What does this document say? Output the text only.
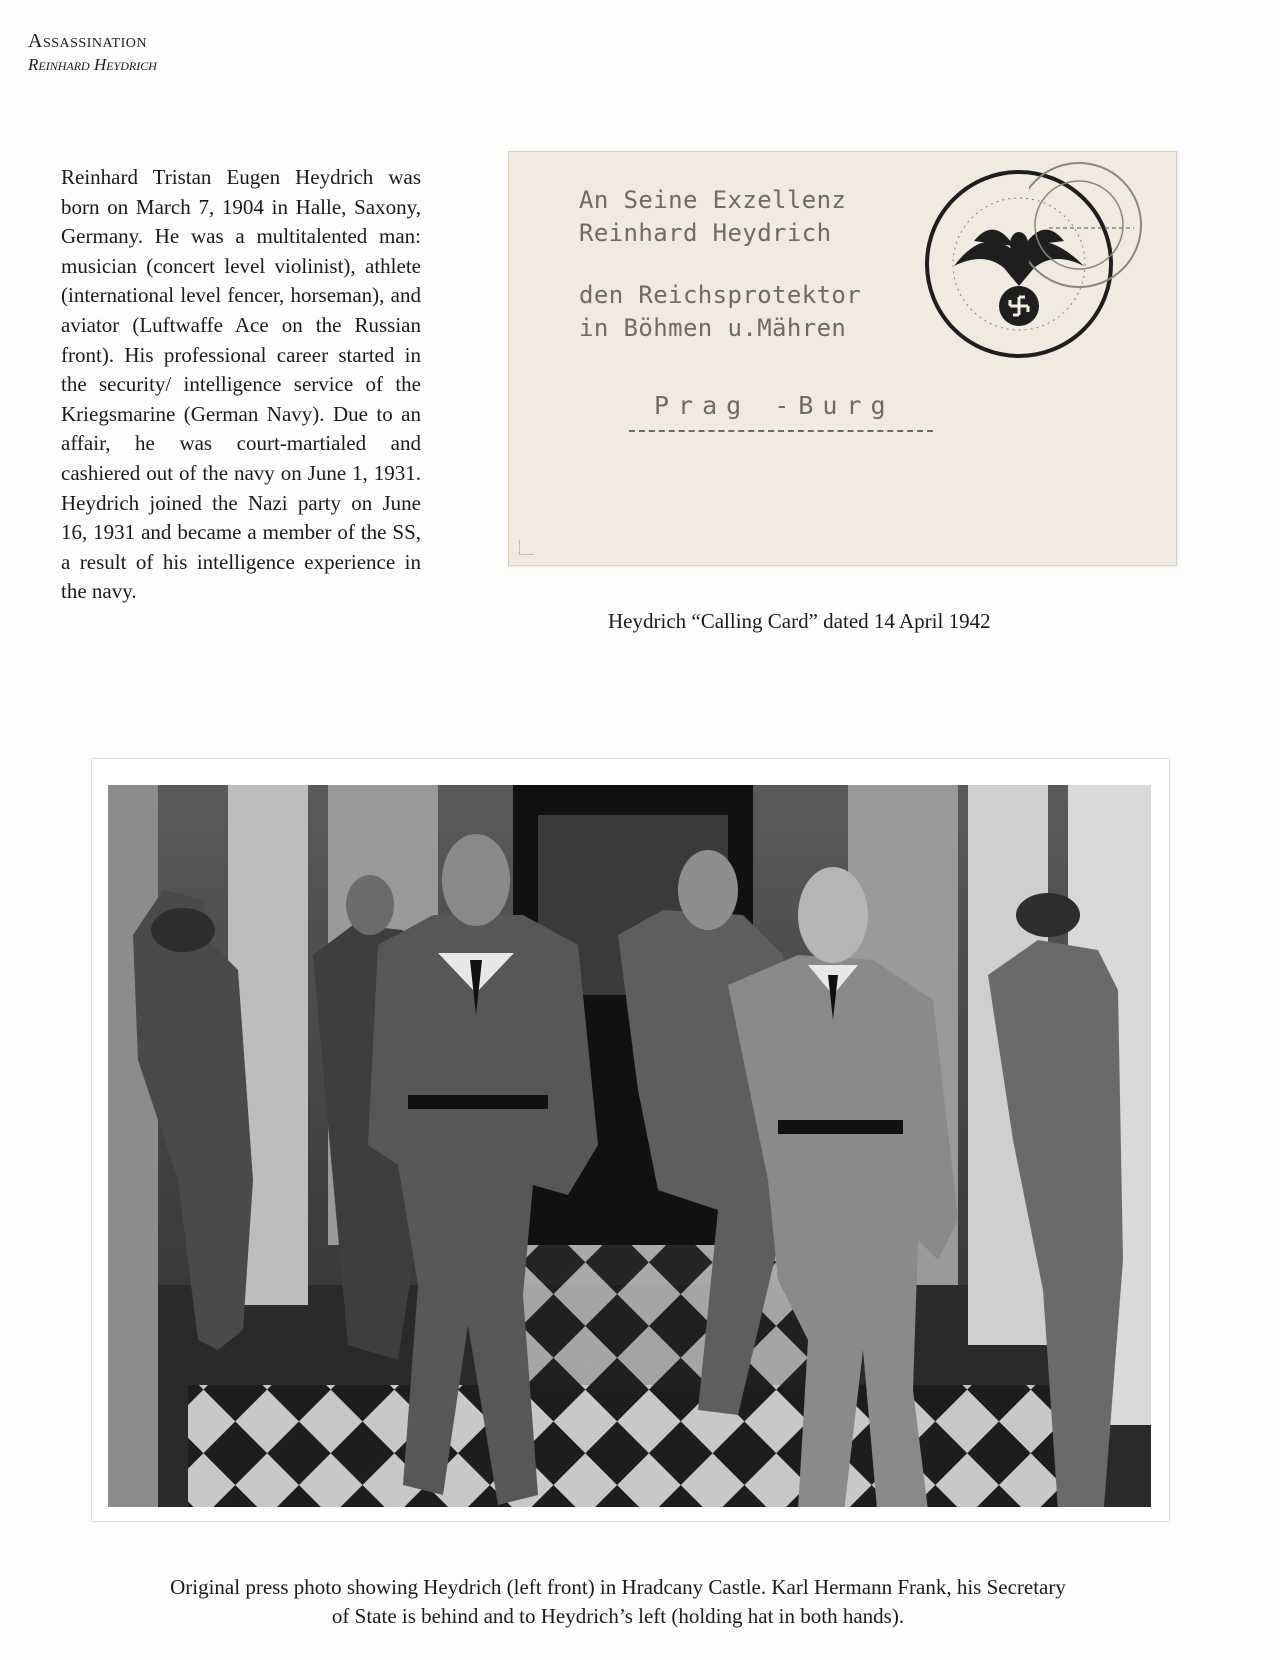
Assassination
Reinhard Heydrich
Reinhard Tristan Eugen Heydrich was born on March 7, 1904 in Halle, Saxony, Germany. He was a multitalented man: musician (concert level violinist), athlete (international level fencer, horseman), and aviator (Luftwaffe Ace on the Russian front). His professional career started in the security/ intelligence service of the Kriegsmarine (German Navy). Due to an affair, he was court-martialed and cashiered out of the navy on June 1, 1931. Heydrich joined the Nazi party on June 16, 1931 and became a member of the SS, a result of his intelligence experience in the navy.
An Seine Exzellenz
Reinhard Heydrich
den Reichsprotektor
in Böhmen u.Mähren
Prag -Burg
Heydrich “Calling Card” dated 14 April 1942
Original press photo showing Heydrich (left front) in Hradcany Castle. Karl Hermann Frank, his Secretary of State is behind and to Heydrich’s left (holding hat in both hands).
